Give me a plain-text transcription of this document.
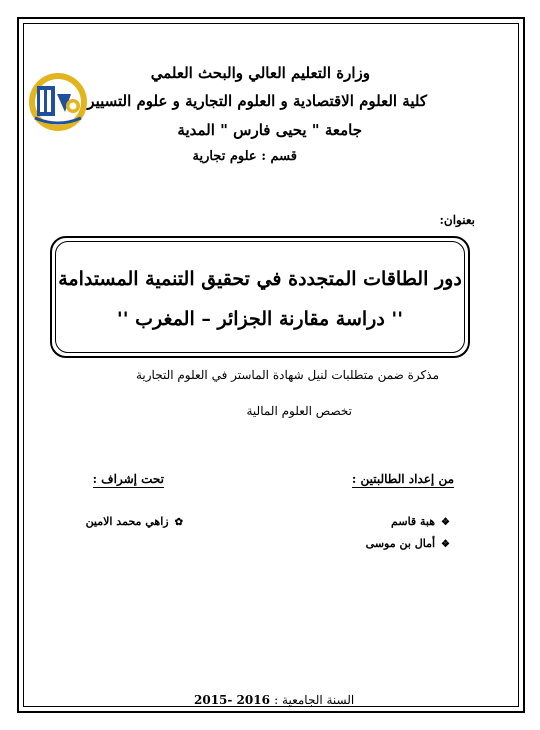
وزارة التعليم العالي والبحث العلمي
كلية العلوم الاقتصادية و العلوم التجارية و علوم التسيير
جامعة " يحيى فارس " المدية
قسم : علوم تجارية
بعنوان:
دور الطاقات المتجددة في تحقيق التنمية المستدامة
'' دراسة مقارنة الجزائر – المغرب ''
مذكرة ضمن متطلبات لنيل شهادة الماستر في العلوم التجارية
تخصص العلوم المالية
من إعداد الطالبتين :
❖هبة قاسم
❖أمال بن موسى
تحت إشراف :
✿زاهي محمد الامين
2015- 2016 السنة الجامعية :
